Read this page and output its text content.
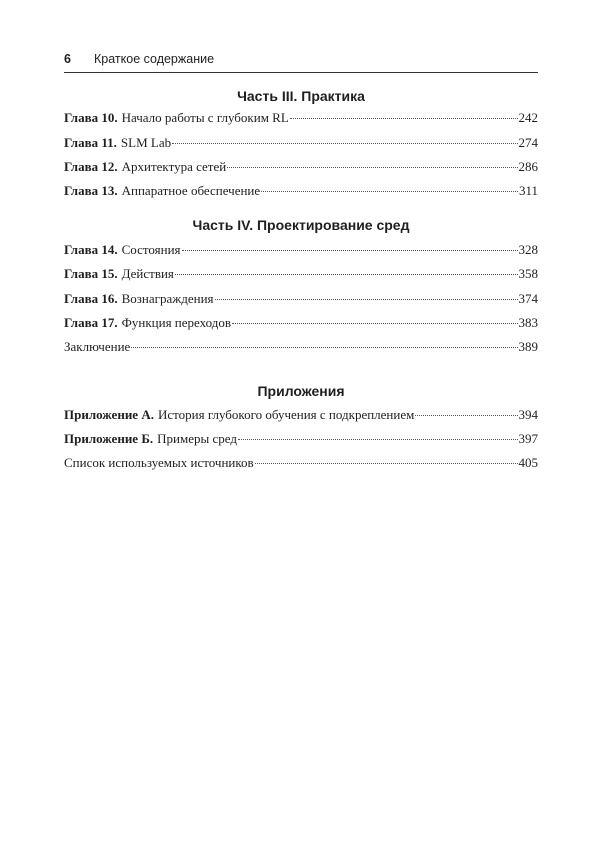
6 Краткое содержание
Часть III. Практика
Глава 10. Начало работы с глубоким RL	242
Глава 11. SLM Lab	274
Глава 12. Архитектура сетей	286
Глава 13. Аппаратное обеспечение	311
Часть IV. Проектирование сред
Глава 14. Состояния	328
Глава 15. Действия	358
Глава 16. Вознаграждения	374
Глава 17. Функция переходов	383
Заключение	389
Приложения
Приложение А. История глубокого обучения с подкреплением	394
Приложение Б. Примеры сред	397
Список используемых источников	405
